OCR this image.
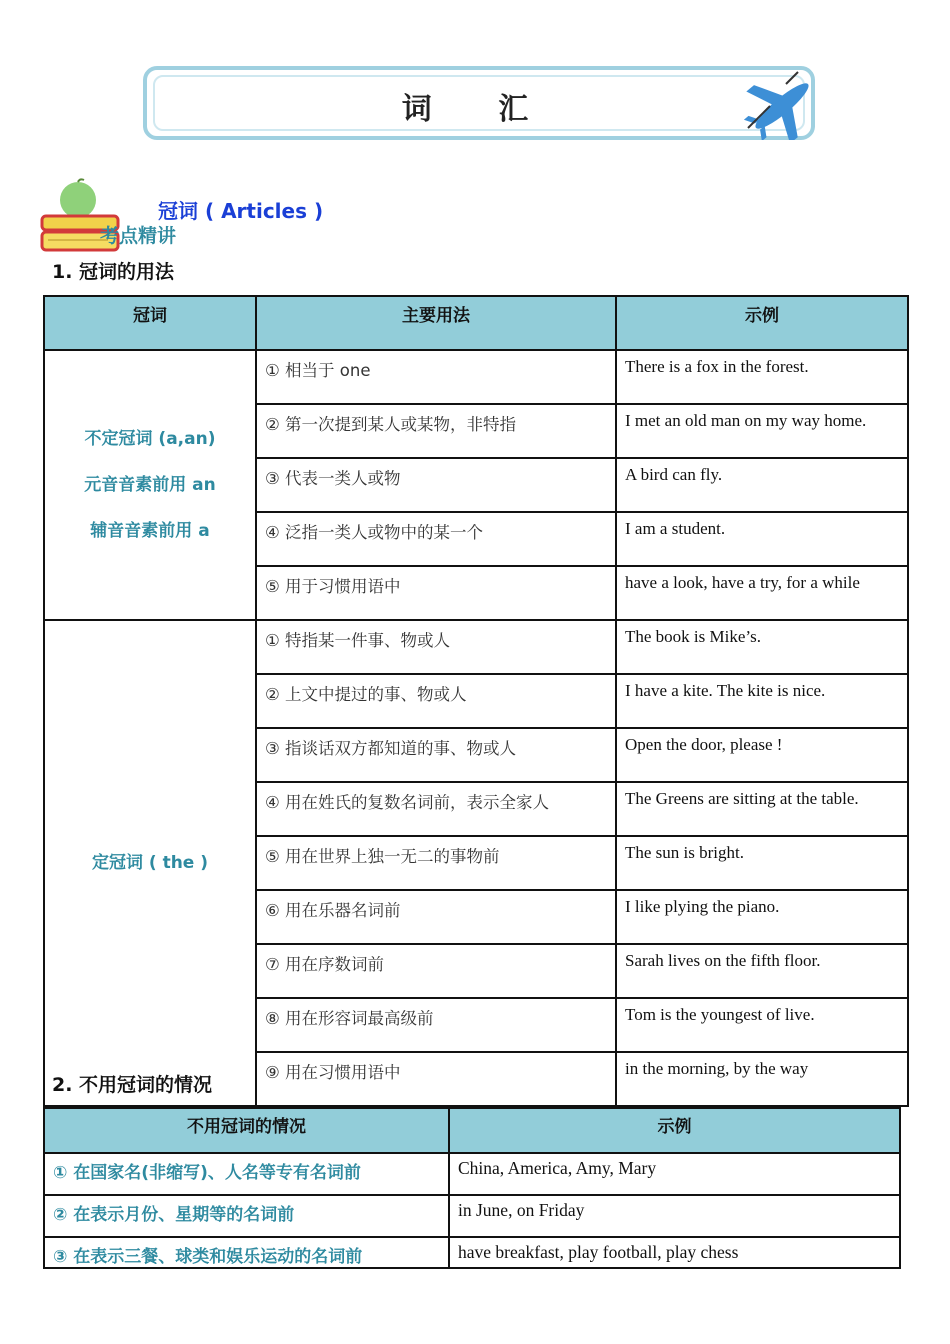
词 汇
冠词 ( Articles )
考点精讲
1. 冠词的用法
冠词	主要用法	示例

不定冠词 (a,an)
元音音素前用 an
辅音音素前用 a	① 相当于 one	There is a fox in the forest.
	② 第一次提到某人或某物，非特指	I met an old man on my way home.
	③ 代表一类人或物	A bird can fly.
	④ 泛指一类人或物中的某一个	I am a student.
	⑤ 用于习惯用语中	have a look, have a try, for a while

定冠词 ( the )	① 特指某一件事、物或人	The book is Mike’s.
	② 上文中提过的事、物或人	I have a kite. The kite is nice.
	③ 指谈话双方都知道的事、物或人	Open the door, please !
	④ 用在姓氏的复数名词前，表示全家人	The Greens are sitting at the table.
	⑤ 用在世界上独一无二的事物前	The sun is bright.
	⑥ 用在乐器名词前	I like plying the piano.
	⑦ 用在序数词前	Sarah lives on the fifth floor.
	⑧ 用在形容词最高级前	Tom is the youngest of live.
	⑨ 用在习惯用语中	in the morning, by the way
2. 不用冠词的情况
不用冠词的情况	示例
① 在国家名(非缩写)、人名等专有名词前	China, America, Amy, Mary
② 在表示月份、星期等的名词前	in June, on Friday
③ 在表示三餐、球类和娱乐运动的名词前	have breakfast, play football, play chess
